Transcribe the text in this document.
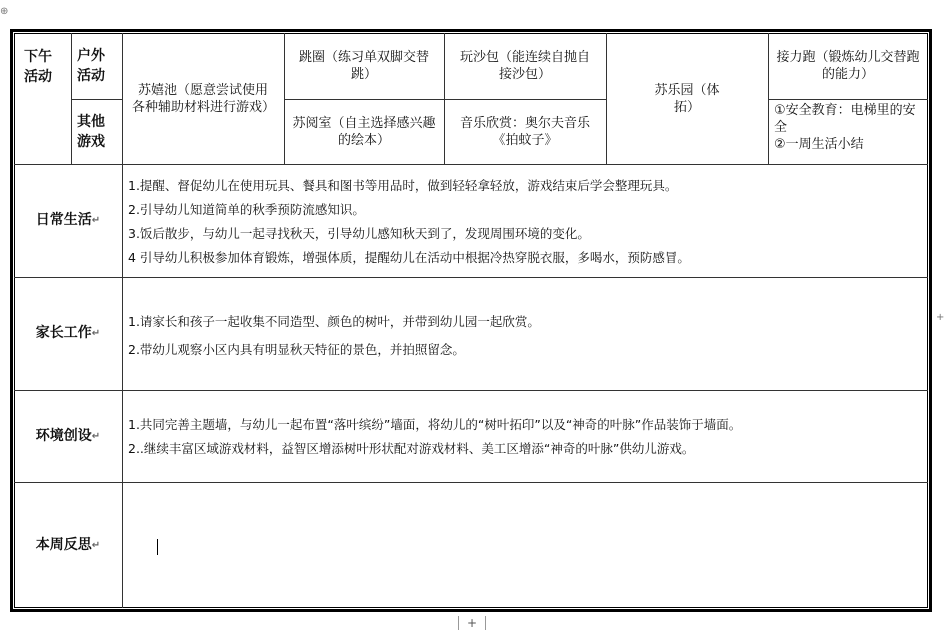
⊕
下午活动
户外活动
其他游戏
苏嬉池（愿意尝试使用各种辅助材料进行游戏）
跳圈（练习单双脚交替跳）
苏阅室（自主选择感兴趣的绘本）
玩沙包（能连续自抛自接沙包）
音乐欣赏：奥尔夫音乐《拍蚊子》
苏乐园（体拓）
接力跑（锻炼幼儿交替跑的能力）
①安全教育：电梯里的安全
②一周生活小结
日常生活 ↵
1.提醒、督促幼儿在使用玩具、餐具和图书等用品时，做到轻轻拿轻放，游戏结束后学会整理玩具。
2.引导幼儿知道简单的秋季预防流感知识。
3.饭后散步，与幼儿一起寻找秋天，引导幼儿感知秋天到了，发现周围环境的变化。
4 引导幼儿积极参加体育锻炼，增强体质，提醒幼儿在活动中根据冷热穿脱衣服，多喝水，预防感冒。
家长工作 ↵
1.请家长和孩子一起收集不同造型、颜色的树叶，并带到幼儿园一起欣赏。
2.带幼儿观察小区内具有明显秋天特征的景色，并拍照留念。
环境创设 ↵
1.共同完善主题墙，与幼儿一起布置“落叶缤纷”墙面，将幼儿的“树叶拓印”以及“神奇的叶脉”作品装饰于墙面。
2..继续丰富区域游戏材料，益智区增添树叶形状配对游戏材料、美工区增添“神奇的叶脉”供幼儿游戏。
本周反思 ↵
+
+
